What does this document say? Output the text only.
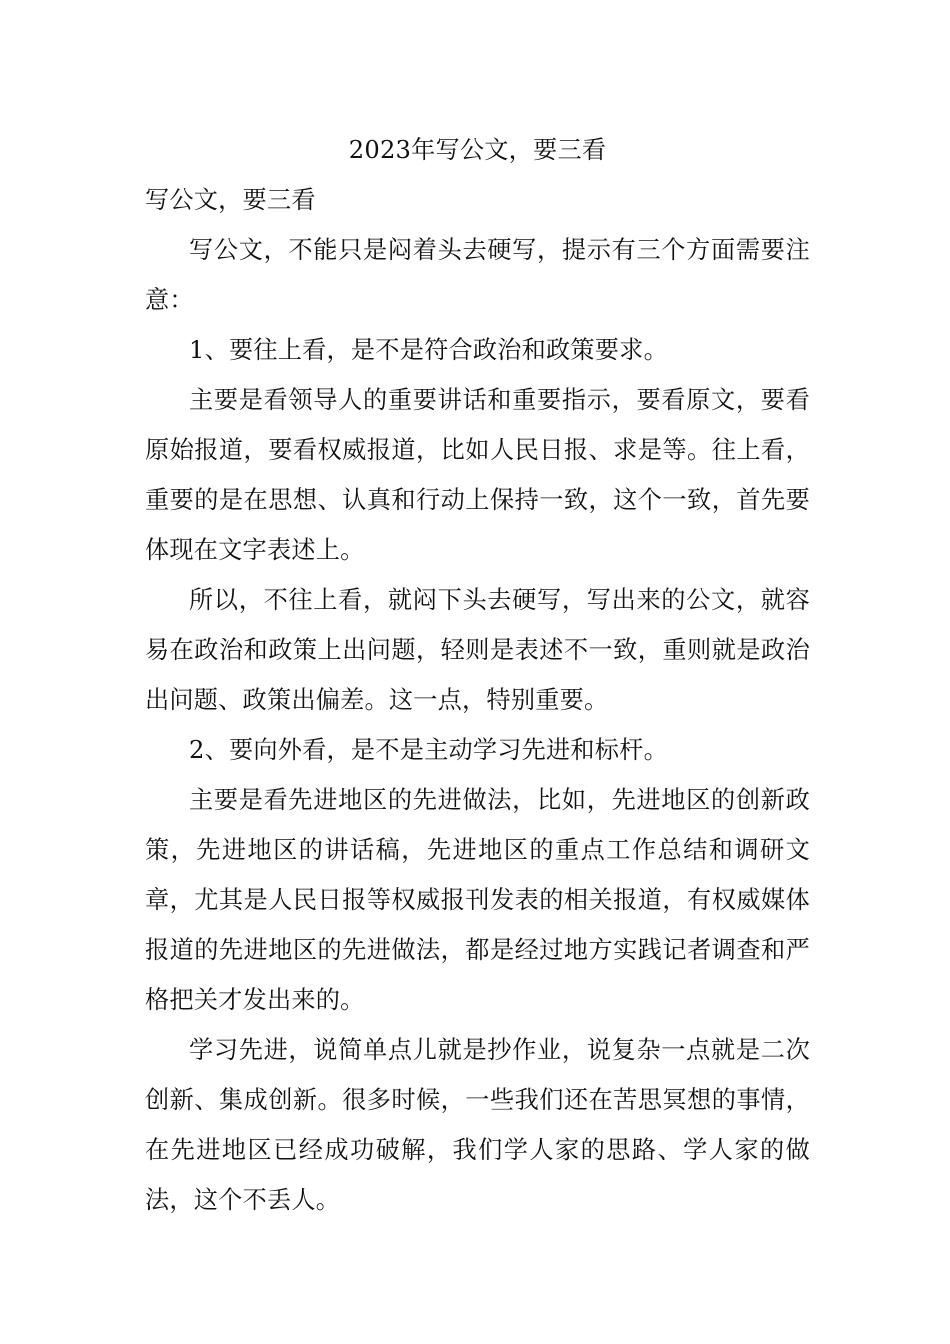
2023年写公文，要三看

写公文，要三看

写公文，不能只是闷着头去硬写，提示有三个方面需要注意：

1、要往上看，是不是符合政治和政策要求。

主要是看领导人的重要讲话和重要指示，要看原文，要看原始报道，要看权威报道，比如人民日报、求是等。往上看，重要的是在思想、认真和行动上保持一致，这个一致，首先要体现在文字表述上。

所以，不往上看，就闷下头去硬写，写出来的公文，就容易在政治和政策上出问题，轻则是表述不一致，重则就是政治出问题、政策出偏差。这一点，特别重要。

2、要向外看，是不是主动学习先进和标杆。

主要是看先进地区的先进做法，比如，先进地区的创新政策，先进地区的讲话稿，先进地区的重点工作总结和调研文章，尤其是人民日报等权威报刊发表的相关报道，有权威媒体报道的先进地区的先进做法，都是经过地方实践记者调查和严格把关才发出来的。

学习先进，说简单点儿就是抄作业，说复杂一点就是二次创新、集成创新。很多时候，一些我们还在苦思冥想的事情，在先进地区已经成功破解，我们学人家的思路、学人家的做法，这个不丢人。
